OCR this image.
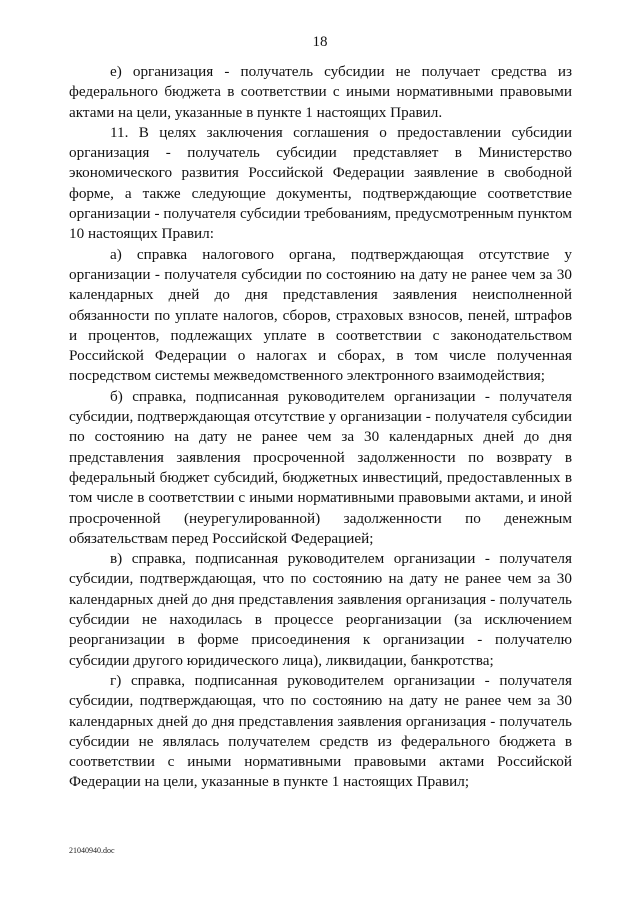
18

е) организация - получатель субсидии не получает средства из федерального бюджета в соответствии с иными нормативными правовыми актами на цели, указанные в пункте 1 настоящих Правил.

11. В целях заключения соглашения о предоставлении субсидии организация - получатель субсидии представляет в Министерство экономического развития Российской Федерации заявление в свободной форме, а также следующие документы, подтверждающие соответствие организации - получателя субсидии требованиям, предусмотренным пунктом 10 настоящих Правил:

а) справка налогового органа, подтверждающая отсутствие у организации - получателя субсидии по состоянию на дату не ранее чем за 30 календарных дней до дня представления заявления неисполненной обязанности по уплате налогов, сборов, страховых взносов, пеней, штрафов и процентов, подлежащих уплате в соответствии с законодательством Российской Федерации о налогах и сборах, в том числе полученная посредством системы межведомственного электронного взаимодействия;

б) справка, подписанная руководителем организации - получателя субсидии, подтверждающая отсутствие у организации - получателя субсидии по состоянию на дату не ранее чем за 30 календарных дней до дня представления заявления просроченной задолженности по возврату в федеральный бюджет субсидий, бюджетных инвестиций, предоставленных в том числе в соответствии с иными нормативными правовыми актами, и иной просроченной (неурегулированной) задолженности по денежным обязательствам перед Российской Федерацией;

в) справка, подписанная руководителем организации - получателя субсидии, подтверждающая, что по состоянию на дату не ранее чем за 30 календарных дней до дня представления заявления организация - получатель субсидии не находилась в процессе реорганизации (за исключением реорганизации в форме присоединения к организации - получателю субсидии другого юридического лица), ликвидации, банкротства;

г) справка, подписанная руководителем организации - получателя субсидии, подтверждающая, что по состоянию на дату не ранее чем за 30 календарных дней до дня представления заявления организация - получатель субсидии не являлась получателем средств из федерального бюджета в соответствии с иными нормативными правовыми актами Российской Федерации на цели, указанные в пункте 1 настоящих Правил;

21040940.doc
